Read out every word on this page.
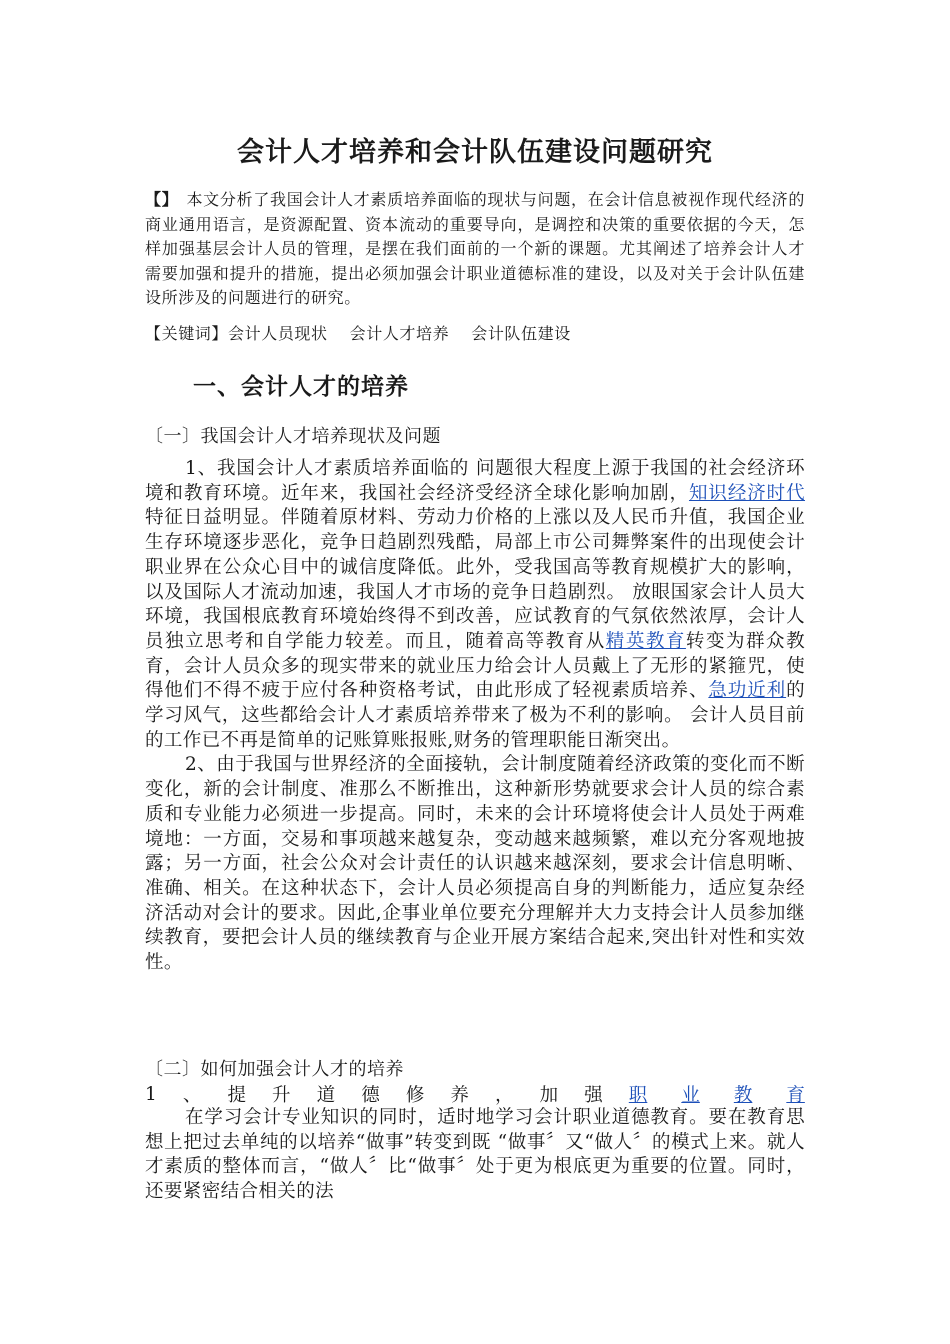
会计人才培养和会计队伍建设问题研究
【】 本文分析了我国会计人才素质培养面临的现状与问题，在会计信息被视作现代经济的商业通用语言，是资源配置、资本流动的重要导向，是调控和决策的重要依据的今天，怎样加强基层会计人员的管理，是摆在我们面前的一个新的课题。尤其阐述了培养会计人才需要加强和提升的措施，提出必须加强会计职业道德标准的建设，以及对关于会计队伍建设所涉及的问题进行的研究。
【关键词】会计人员现状 会计人才培养 会计队伍建设
一、会计人才的培养
〔一〕我国会计人才培养现状及问题

1、我国会计人才素质培养面临的 问题很大程度上源于我国的社会经济环境和教育环境。近年来，我国社会经济受经济全球化影响加剧，知识经济时代特征日益明显。伴随着原材料、劳动力价格的上涨以及人民币升值，我国企业生存环境逐步恶化，竞争日趋剧烈残酷，局部上市公司舞弊案件的出现使会计职业界在公众心目中的诚信度降低。此外，受我国高等教育规模扩大的影响，以及国际人才流动加速，我国人才市场的竞争日趋剧烈。 放眼国家会计人员大环境，我国根底教育环境始终得不到改善，应试教育的气氛依然浓厚，会计人员独立思考和自学能力较差。而且，随着高等教育从精英教育转变为群众教育，会计人员众多的现实带来的就业压力给会计人员戴上了无形的紧箍咒，使得他们不得不疲于应付各种资格考试，由此形成了轻视素质培养、急功近利的学习风气，这些都给会计人才素质培养带来了极为不利的影响。 会计人员目前的工作已不再是简单的记账算账报账,财务的管理职能日渐突出。

2、由于我国与世界经济的全面接轨，会计制度随着经济政策的变化而不断变化，新的会计制度、准那么不断推出，这种新形势就要求会计人员的综合素质和专业能力必须进一步提高。同时，未来的会计环境将使会计人员处于两难境地：一方面，交易和事项越来越复杂，变动越来越频繁，难以充分客观地披露；另一方面，社会公众对会计责任的认识越来越深刻，要求会计信息明晰、准确、相关。在这种状态下，会计人员必须提高自身的判断能力，适应复杂经济活动对会计的要求。因此,企事业单位要充分理解并大力支持会计人员参加继续教育，要把会计人员的继续教育与企业开展方案结合起来,突出针对性和实效性。

〔二〕如何加强会计人才的培养
1 、 提 升 道 德 修 养 ， 加 强 职 业 教 育

在学习会计专业知识的同时，适时地学习会计职业道德教育。要在教育思想上把过去单纯的以培养“做事”转变到既 “做事〞又“做人〞的模式上来。就人才素质的整体而言，“做人〞比“做事〞处于更为根底更为重要的位置。同时，还要紧密结合相关的法
